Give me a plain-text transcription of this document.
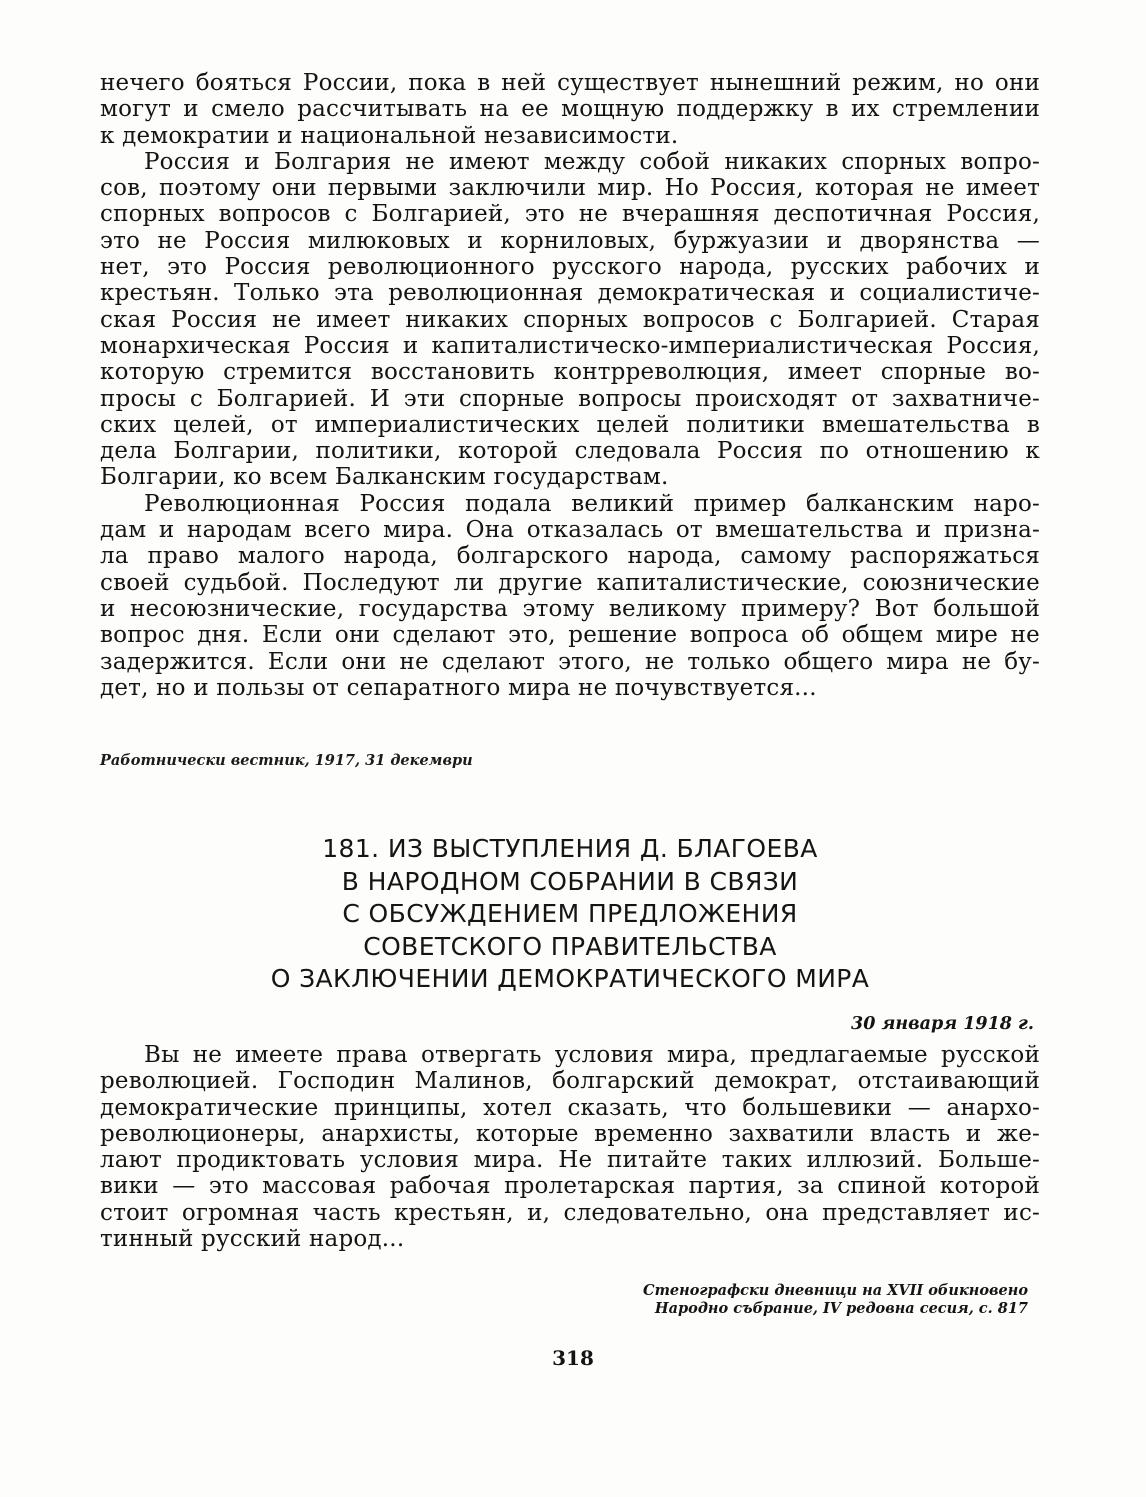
нечего бояться России, пока в ней существует нынешний режим, но они
могут и смело рассчитывать на ее мощную поддержку в их стремлении
к демократии и национальной независимости.
Россия и Болгария не имеют между собой никаких спорных вопро-
сов, поэтому они первыми заключили мир. Но Россия, которая не имеет
спорных вопросов с Болгарией, это не вчерашняя деспотичная Россия,
это не Россия милюковых и корниловых, буржуазии и дворянства —
нет, это Россия революционного русского народа, русских рабочих и
крестьян. Только эта революционная демократическая и социалистиче-
ская Россия не имеет никаких спорных вопросов с Болгарией. Старая
монархическая Россия и капиталистическо-империалистическая Россия,
которую стремится восстановить контрреволюция, имеет спорные во-
просы с Болгарией. И эти спорные вопросы происходят от захватниче-
ских целей, от империалистических целей политики вмешательства в
дела Болгарии, политики, которой следовала Россия по отношению к
Болгарии, ко всем Балканским государствам.
Революционная Россия подала великий пример балканским наро-
дам и народам всего мира. Она отказалась от вмешательства и призна-
ла право малого народа, болгарского народа, самому распоряжаться
своей судьбой. Последуют ли другие капиталистические, союзнические
и несоюзнические, государства этому великому примеру? Вот большой
вопрос дня. Если они сделают это, решение вопроса об общем мире не
задержится. Если они не сделают этого, не только общего мира не бу-
дет, но и пользы от сепаратного мира не почувствуется...
Работнически вестник, 1917, 31 декември
181. ИЗ ВЫСТУПЛЕНИЯ Д. БЛАГОЕВА
В НАРОДНОМ СОБРАНИИ В СВЯЗИ
С ОБСУЖДЕНИЕМ ПРЕДЛОЖЕНИЯ
СОВЕТСКОГО ПРАВИТЕЛЬСТВА
О ЗАКЛЮЧЕНИИ ДЕМОКРАТИЧЕСКОГО МИРА
30 января 1918 г.
Вы не имеете права отвергать условия мира, предлагаемые русской
революцией. Господин Малинов, болгарский демократ, отстаивающий
демократические принципы, хотел сказать, что большевики — анархо-
революционеры, анархисты, которые временно захватили власть и же-
лают продиктовать условия мира. Не питайте таких иллюзий. Больше-
вики — это массовая рабочая пролетарская партия, за спиной которой
стоит огромная часть крестьян, и, следовательно, она представляет ис-
тинный русский народ...
Стенографски дневници на XVII обикновено
Народно събрание, IV редовна сесия, с. 817
318
